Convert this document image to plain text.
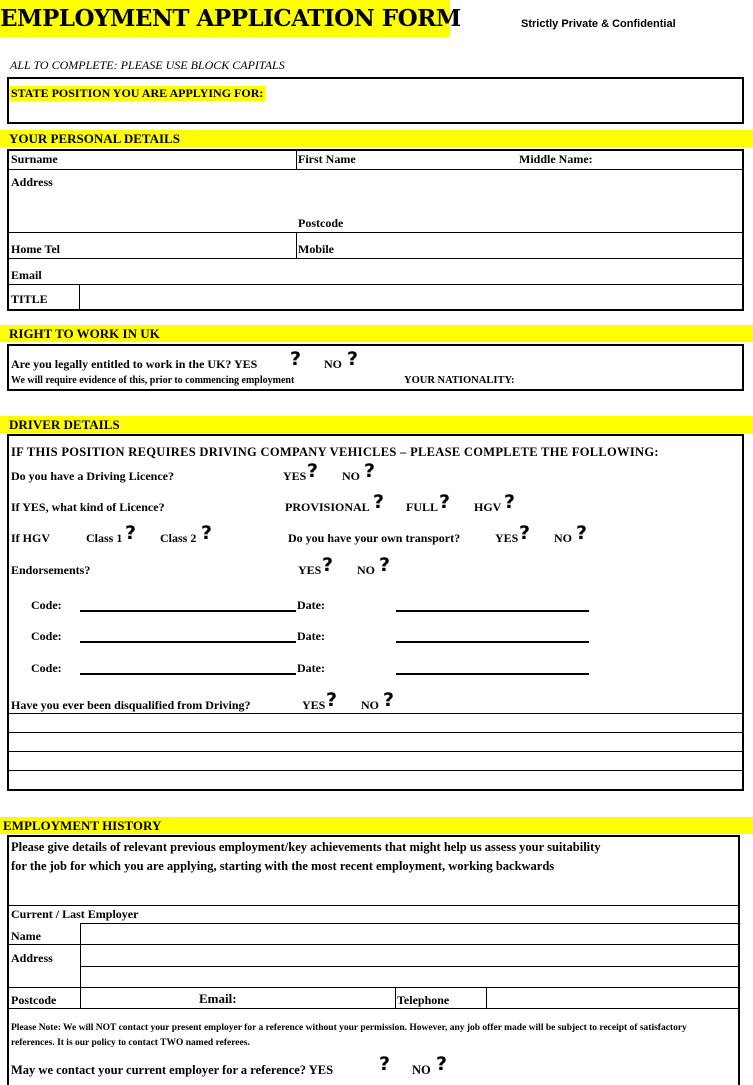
EMPLOYMENT APPLICATION FORM	Strictly Private & Confidential
ALL TO COMPLETE: PLEASE USE BLOCK CAPITALS
STATE POSITION YOU ARE APPLYING FOR:
YOUR PERSONAL DETAILS
Surname	First Name	Middle Name:
Address
Postcode
Home Tel	Mobile
Email
TITLE
RIGHT TO WORK IN UK
Are you legally entitled to work in the UK? YES ? NO ?
We will require evidence of this, prior to commencing employment	YOUR NATIONALITY:
DRIVER DETAILS
IF THIS POSITION REQUIRES DRIVING COMPANY VEHICLES – PLEASE COMPLETE THE FOLLOWING:
Do you have a Driving Licence?	YES ? NO ?
If YES, what kind of Licence?	PROVISIONAL ? FULL ? HGV ?
If HGV	Class 1 ? Class 2 ?	Do you have your own transport?	YES ? NO ?
Endorsements?	YES ? NO ?
Code:	Date:
Code:	Date:
Code:	Date:
Have you ever been disqualified from Driving?	YES ? NO ?
EMPLOYMENT HISTORY
Please give details of relevant previous employment/key achievements that might help us assess your suitability
for the job for which you are applying, starting with the most recent employment, working backwards
Current / Last Employer
Name
Address
Postcode	Email:	Telephone
Please Note: We will NOT contact your present employer for a reference without your permission. However, any job offer made will be subject to receipt of satisfactory references. It is our policy to contact TWO named referees.
May we contact your current employer for a reference? YES ? NO ?
